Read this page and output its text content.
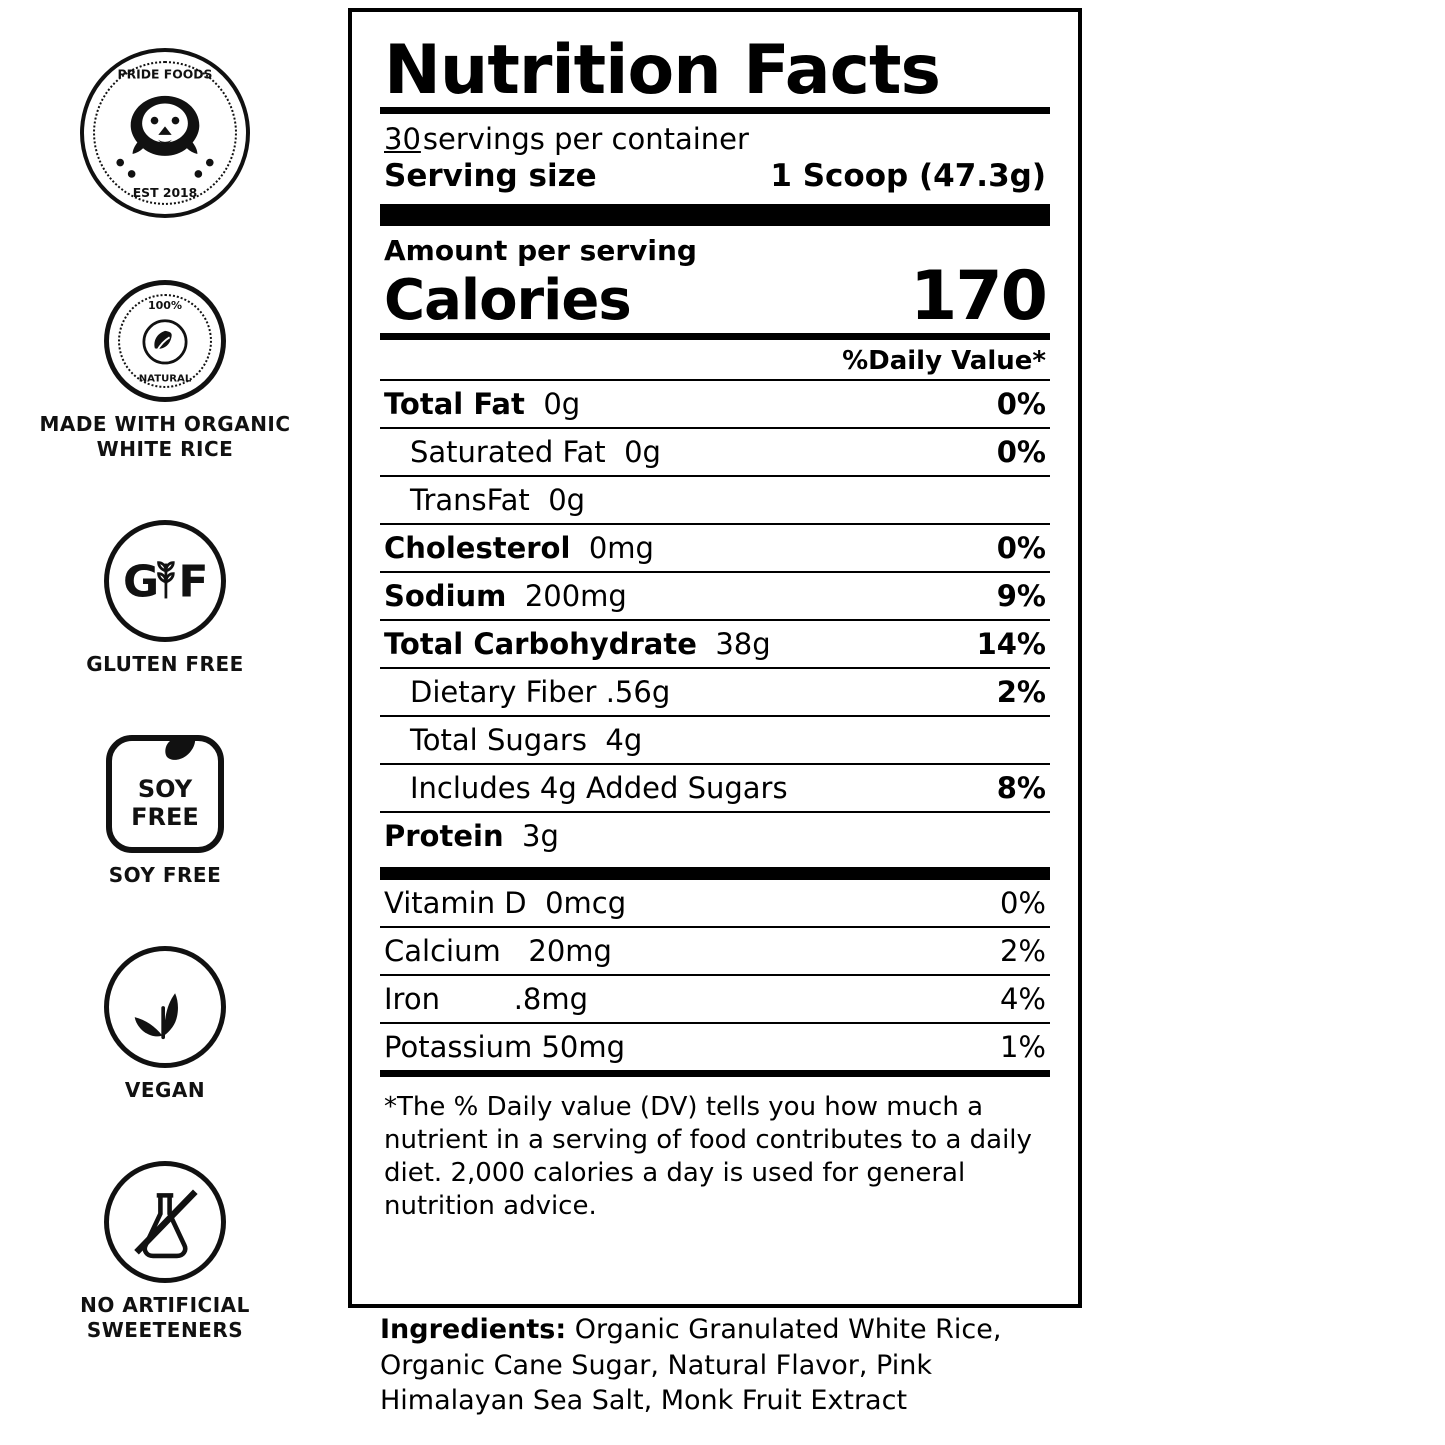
PRIDE FOODS
EST 2018
100%
NATURAL
MADE WITH ORGANIC
WHITE RICE
G F
GLUTEN FREE
SOY
FREE
SOY FREE
VEGAN
NO ARTIFICIAL
SWEETENERS
Nutrition Facts
30 servings per container
Serving size	1 Scoop (47.3g)
Amount per serving
Calories	170
%Daily Value*
Total Fat 0g	0%
Saturated Fat 0g	0%
TransFat 0g
Cholesterol 0mg	0%
Sodium 200mg	9%
Total Carbohydrate 38g	14%
Dietary Fiber .56g	2%
Total Sugars 4g
Includes 4g Added Sugars	8%
Protein 3g
Vitamin D 0mcg	0%
Calcium 20mg	2%
Iron	.8mg	4%
Potassium 50mg	1%
*The % Daily value (DV) tells you how much a nutrient in a serving of food contributes to a daily diet. 2,000 calories a day is used for general nutrition advice.
Ingredients: Organic Granulated White Rice, Organic Cane Sugar, Natural Flavor, Pink Himalayan Sea Salt, Monk Fruit Extract
